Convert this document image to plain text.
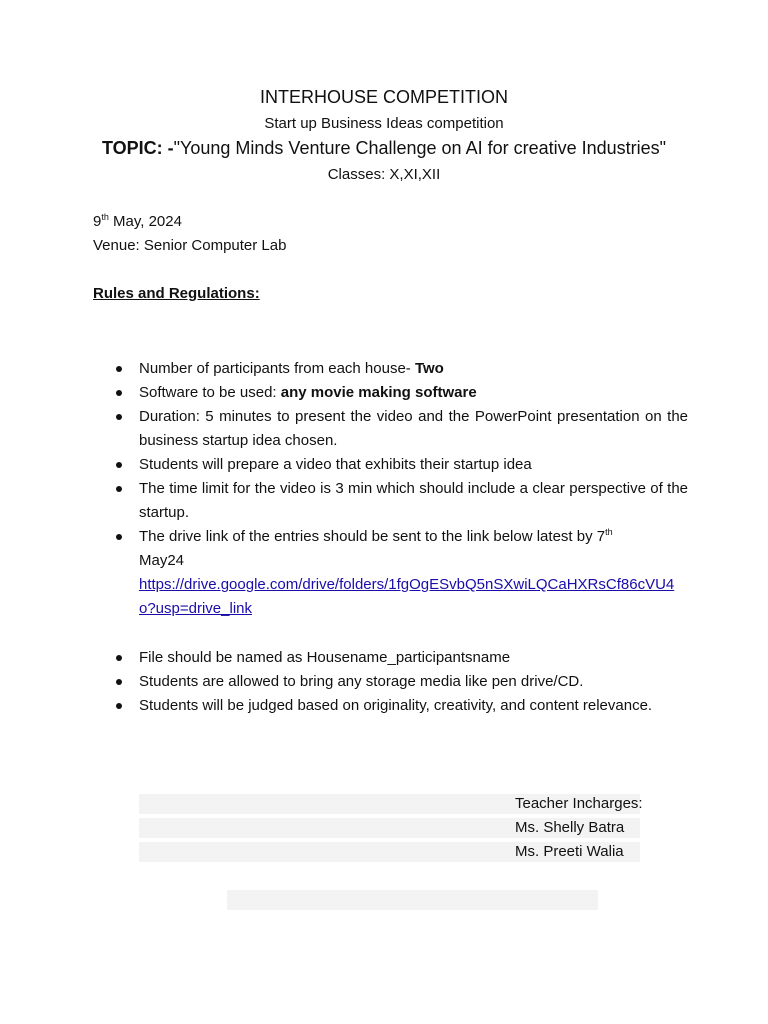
INTERHOUSE COMPETITION
Start up Business Ideas competition
TOPIC: -"Young Minds Venture Challenge on AI for creative Industries"
Classes: X,XI,XII
9th May, 2024
Venue: Senior Computer Lab
Rules and Regulations:
Number of participants from each house- Two
Software to be used: any movie making software
Duration: 5 minutes to present the video and the PowerPoint presentation on the business startup idea chosen.
Students will prepare a video that exhibits their startup idea
The time limit for the video is 3 min which should include a clear perspective of the startup.
The drive link of the entries should be sent to the link below latest by 7th
May24
https://drive.google.com/drive/folders/1fgOgESvbQ5nSXwiLQCaHXRsCf86cVU4o?usp=drive_link
File should be named as Housename_participantsname
Students are allowed to bring any storage media like pen drive/CD.
Students will be judged based on originality, creativity, and content relevance.
Teacher Incharges:
Ms. Shelly Batra
Ms. Preeti Walia
